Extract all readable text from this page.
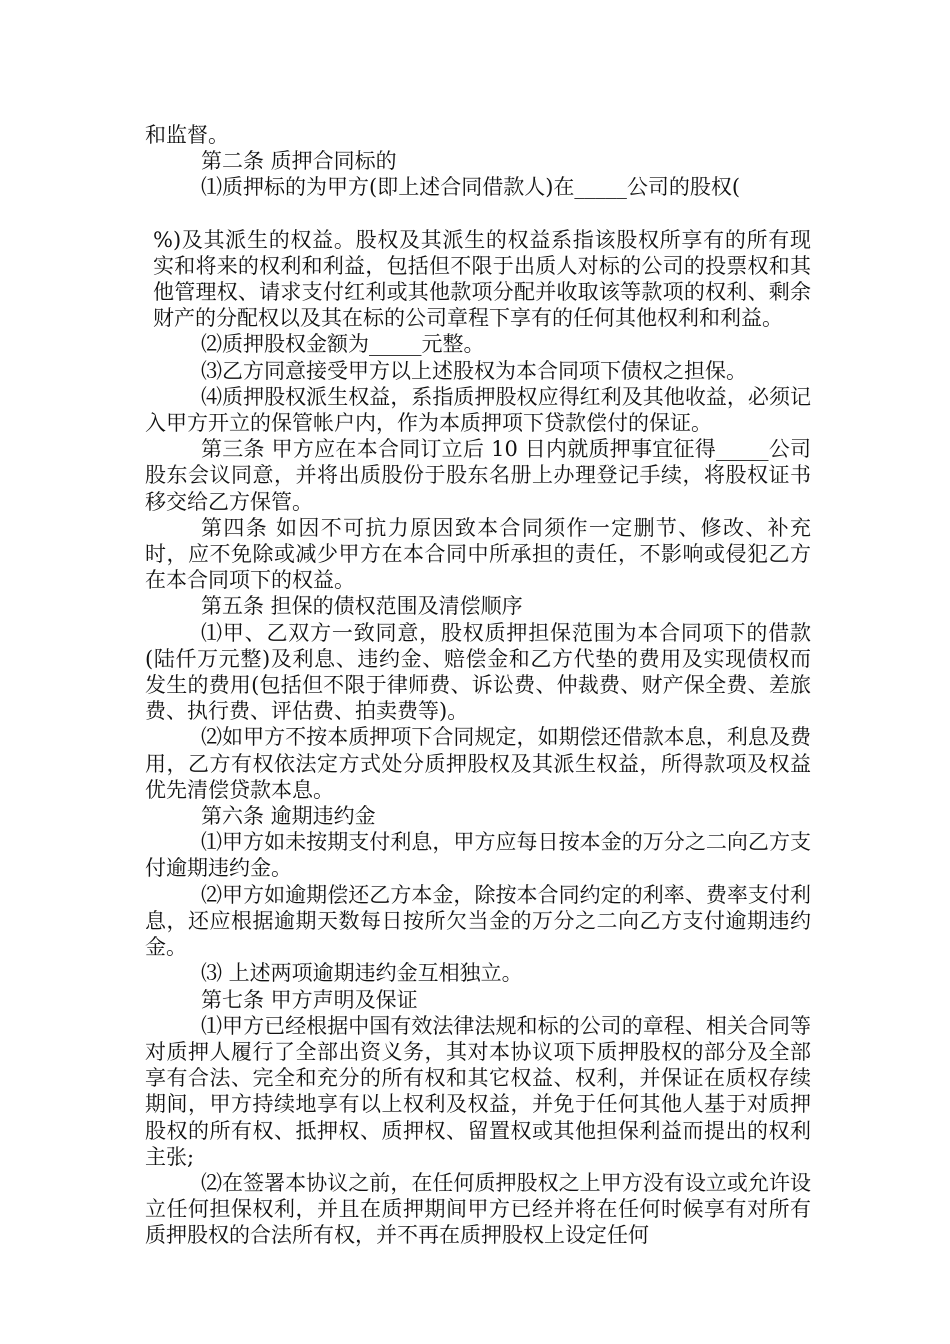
和监督。

第二条 质押合同标的

⑴质押标的为甲方(即上述合同借款人)在_____公司的股权(

%)及其派生的权益。股权及其派生的权益系指该股权所享有的所有现实和将来的权利和利益，包括但不限于出质人对标的公司的投票权和其他管理权、请求支付红利或其他款项分配并收取该等款项的权利、剩余财产的分配权以及其在标的公司章程下享有的任何其他权利和利益。

⑵质押股权金额为_____元整。

⑶乙方同意接受甲方以上述股权为本合同项下债权之担保。

⑷质押股权派生权益，系指质押股权应得红利及其他收益，必须记入甲方开立的保管帐户内，作为本质押项下贷款偿付的保证。

第三条 甲方应在本合同订立后 10 日内就质押事宜征得_____公司股东会议同意，并将出质股份于股东名册上办理登记手续，将股权证书移交给乙方保管。

第四条 如因不可抗力原因致本合同须作一定删节、修改、补充时，应不免除或减少甲方在本合同中所承担的责任，不影响或侵犯乙方在本合同项下的权益。

第五条 担保的债权范围及清偿顺序

⑴甲、乙双方一致同意，股权质押担保范围为本合同项下的借款(陆仟万元整)及利息、违约金、赔偿金和乙方代垫的费用及实现债权而发生的费用(包括但不限于律师费、诉讼费、仲裁费、财产保全费、差旅费、执行费、评估费、拍卖费等)。

⑵如甲方不按本质押项下合同规定，如期偿还借款本息，利息及费用，乙方有权依法定方式处分质押股权及其派生权益，所得款项及权益优先清偿贷款本息。

第六条 逾期违约金

⑴甲方如未按期支付利息，甲方应每日按本金的万分之二向乙方支付逾期违约金。

⑵甲方如逾期偿还乙方本金，除按本合同约定的利率、费率支付利息，还应根据逾期天数每日按所欠当金的万分之二向乙方支付逾期违约金。

⑶ 上述两项逾期违约金互相独立。

第七条 甲方声明及保证

⑴甲方已经根据中国有效法律法规和标的公司的章程、相关合同等对质押人履行了全部出资义务，其对本协议项下质押股权的部分及全部享有合法、完全和充分的所有权和其它权益、权利，并保证在质权存续期间，甲方持续地享有以上权利及权益，并免于任何其他人基于对质押股权的所有权、抵押权、质押权、留置权或其他担保利益而提出的权利主张;

⑵在签署本协议之前，在任何质押股权之上甲方没有设立或允许设立任何担保权利，并且在质押期间甲方已经并将在任何时候享有对所有质押股权的合法所有权，并不再在质押股权上设定任何
